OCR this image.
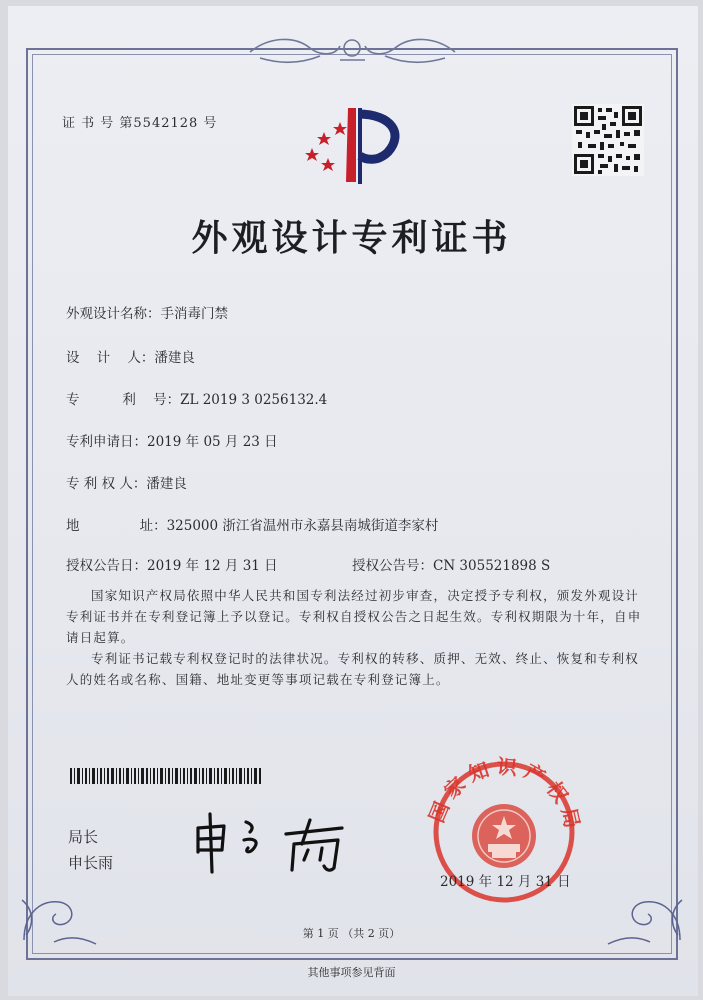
证 书 号 第5542128 号
外观设计专利证书
外观设计名称：手消毒门禁
设    计    人：潘建良
专          利    号：ZL 2019 3 0256132.4
专利申请日：2019 年 05 月 23 日
专 利 权 人：潘建良
地              址：325000 浙江省温州市永嘉县南城街道李家村
授权公告日：2019 年 12 月 31 日	授权公告号：CN 305521898 S

国家知识产权局依照中华人民共和国专利法经过初步审查，决定授予专利权，颁发外观设计专利证书并在专利登记簿上予以登记。专利权自授权公告之日起生效。专利权期限为十年，自申请日起算。

专利证书记载专利权登记时的法律状况。专利权的转移、质押、无效、终止、恢复和专利权人的姓名或名称、国籍、地址变更等事项记载在专利登记簿上。

局长
申长雨
国家知识产权局
2019 年 12 月 31 日
第 1 页 （共 2 页）
其他事项参见背面
